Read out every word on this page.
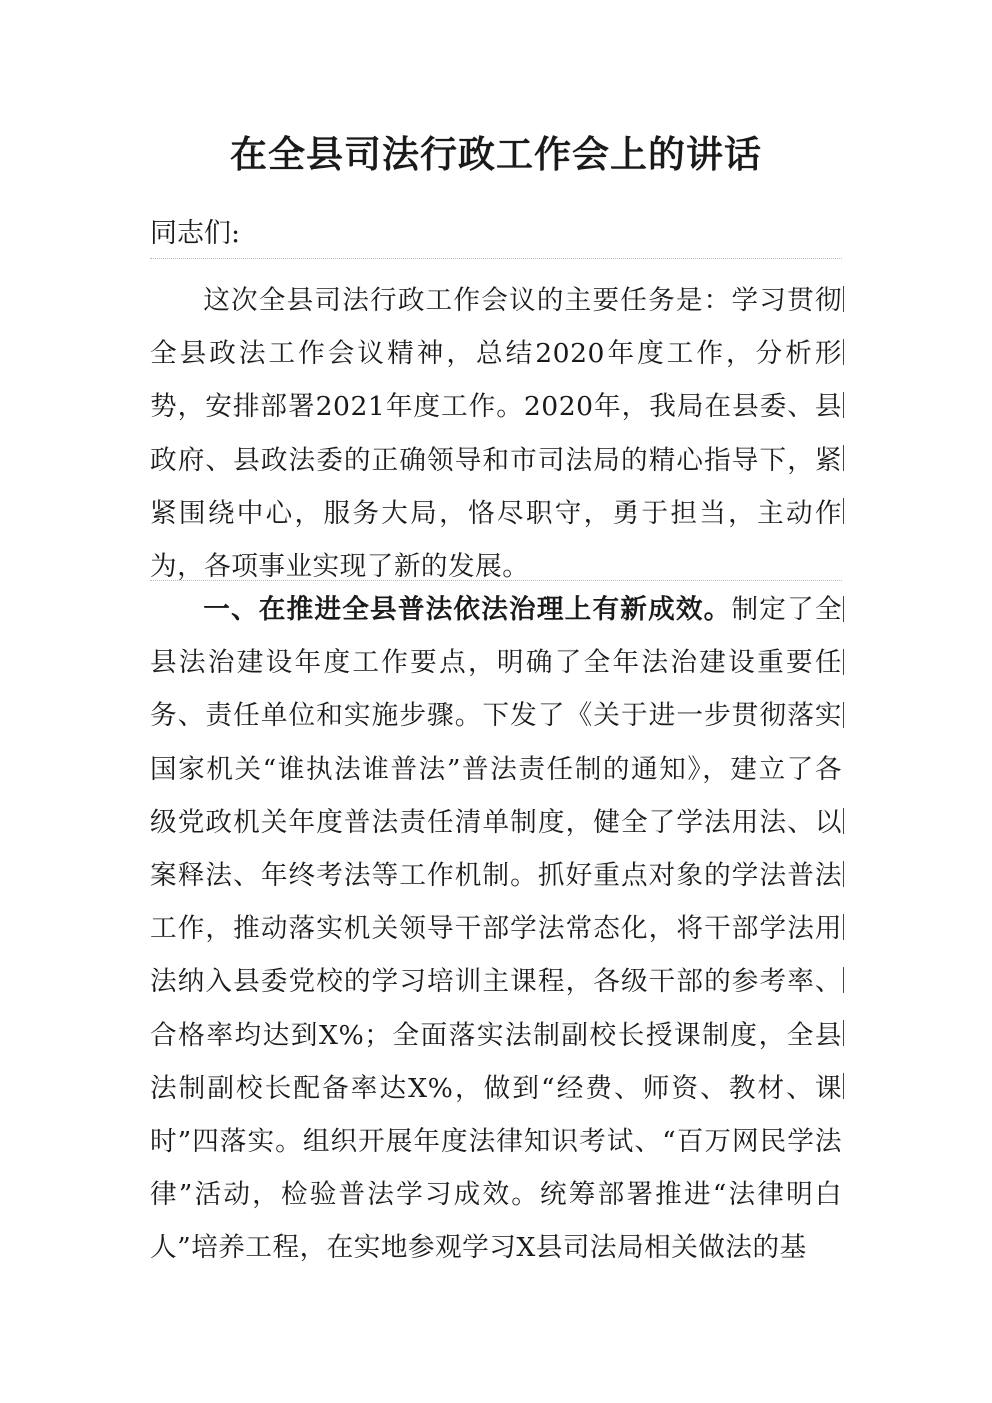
在全县司法行政工作会上的讲话

同志们:

这次全县司法行政工作会议的主要任务是：学习贯彻全县政法工作会议精神，总结2020年度工作，分析形势，安排部署2021年度工作。2020年，我局在县委、县政府、县政法委的正确领导和市司法局的精心指导下，紧紧围绕中心，服务大局，恪尽职守，勇于担当，主动作为，各项事业实现了新的发展。

一、在推进全县普法依法治理上有新成效。制定了全县法治建设年度工作要点，明确了全年法治建设重要任务、责任单位和实施步骤。下发了《关于进一步贯彻落实国家机关“谁执法谁普法”普法责任制的通知》，建立了各级党政机关年度普法责任清单制度，健全了学法用法、以案释法、年终考法等工作机制。抓好重点对象的学法普法工作，推动落实机关领导干部学法常态化，将干部学法用法纳入县委党校的学习培训主课程，各级干部的参考率、合格率均达到X%；全面落实法制副校长授课制度，全县法制副校长配备率达X%，做到“经费、师资、教材、课时”四落实。组织开展年度法律知识考试、“百万网民学法律”活动，检验普法学习成效。统筹部署推进“法律明白人”培养工程，在实地参观学习X县司法局相关做法的基
